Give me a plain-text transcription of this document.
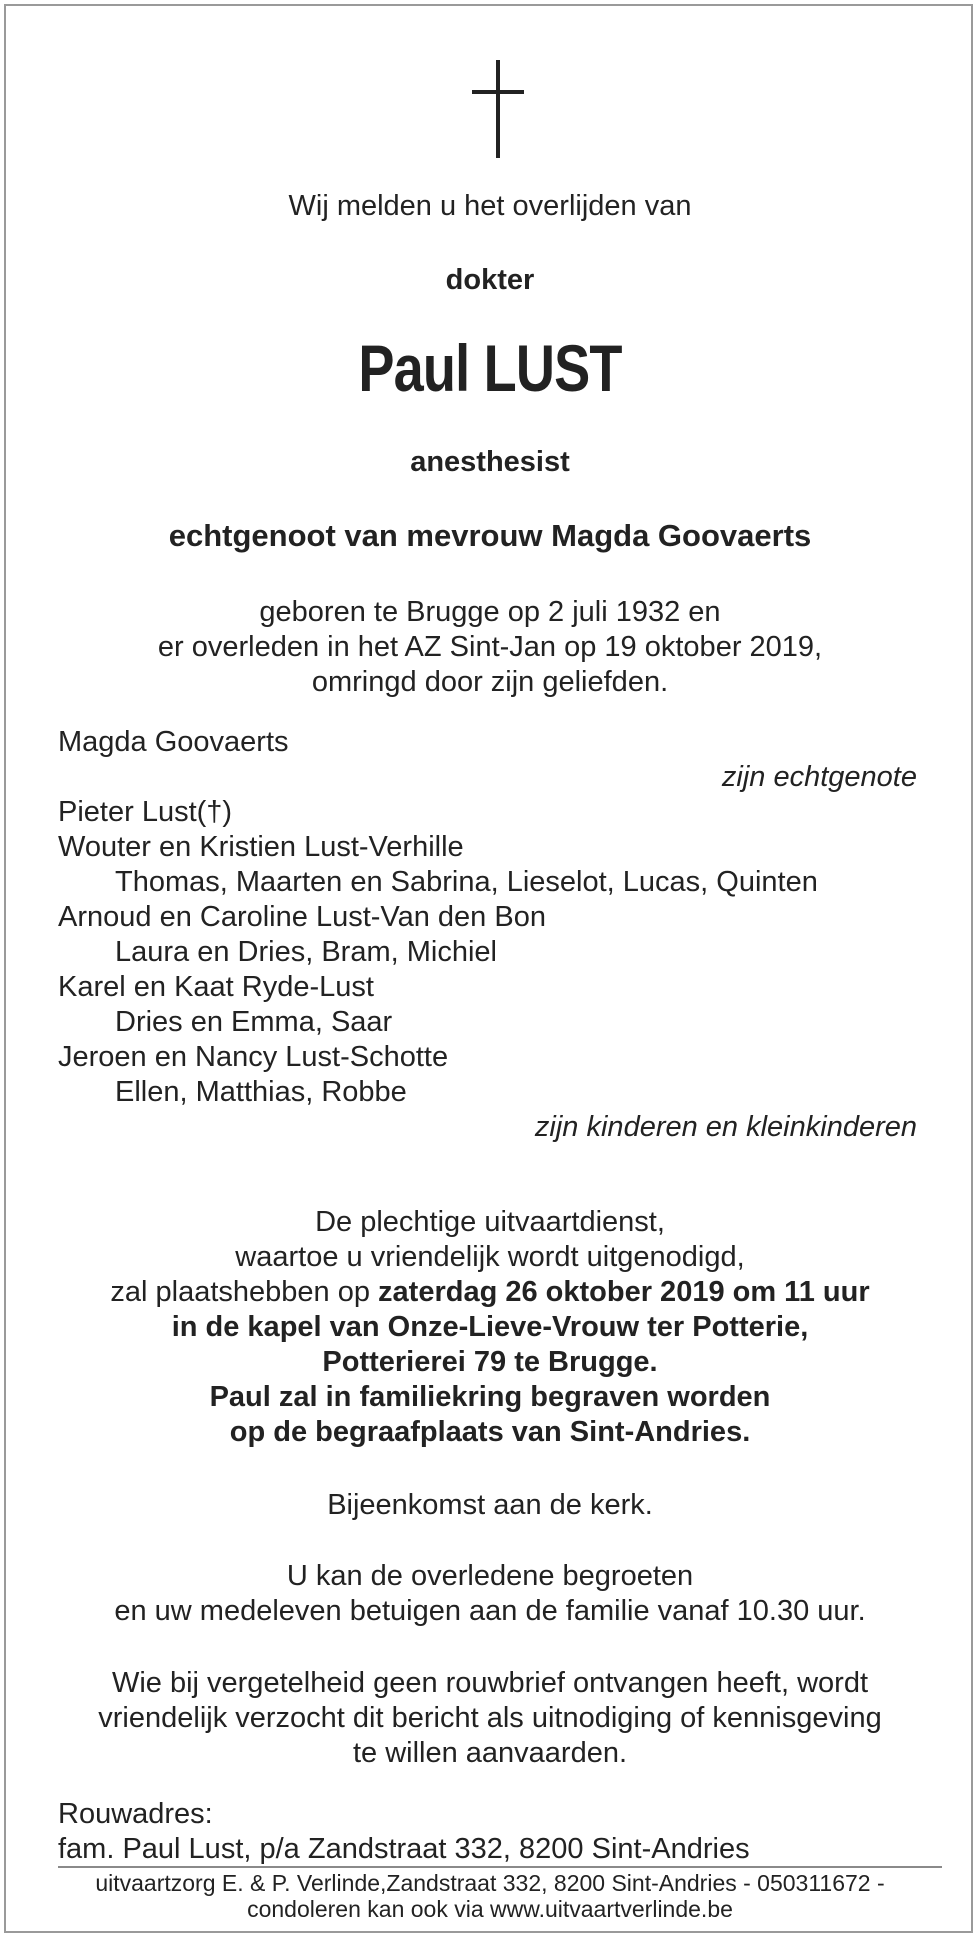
Wij melden u het overlijden van
dokter
Paul LUST
anesthesist
echtgenoot van mevrouw Magda Goovaerts
geboren te Brugge op 2 juli 1932 en
er overleden in het AZ Sint-Jan op 19 oktober 2019,
omringd door zijn geliefden.
Magda Goovaerts
zijn echtgenote
Pieter Lust(†)
Wouter en Kristien Lust-Verhille
Thomas, Maarten en Sabrina, Lieselot, Lucas, Quinten
Arnoud en Caroline Lust-Van den Bon
Laura en Dries, Bram, Michiel
Karel en Kaat Ryde-Lust
Dries en Emma, Saar
Jeroen en Nancy Lust-Schotte
Ellen, Matthias, Robbe
zijn kinderen en kleinkinderen
De plechtige uitvaartdienst,
waartoe u vriendelijk wordt uitgenodigd,
zal plaatshebben op zaterdag 26 oktober 2019 om 11 uur
in de kapel van Onze-Lieve-Vrouw ter Potterie,
Potterierei 79 te Brugge.
Paul zal in familiekring begraven worden
op de begraafplaats van Sint-Andries.
Bijeenkomst aan de kerk.
U kan de overledene begroeten
en uw medeleven betuigen aan de familie vanaf 10.30 uur.
Wie bij vergetelheid geen rouwbrief ontvangen heeft, wordt
vriendelijk verzocht dit bericht als uitnodiging of kennisgeving
te willen aanvaarden.
Rouwadres:
fam. Paul Lust, p/a Zandstraat 332, 8200 Sint-Andries
uitvaartzorg E. & P. Verlinde,Zandstraat 332, 8200 Sint-Andries - 050311672 -
condoleren kan ook via www.uitvaartverlinde.be
